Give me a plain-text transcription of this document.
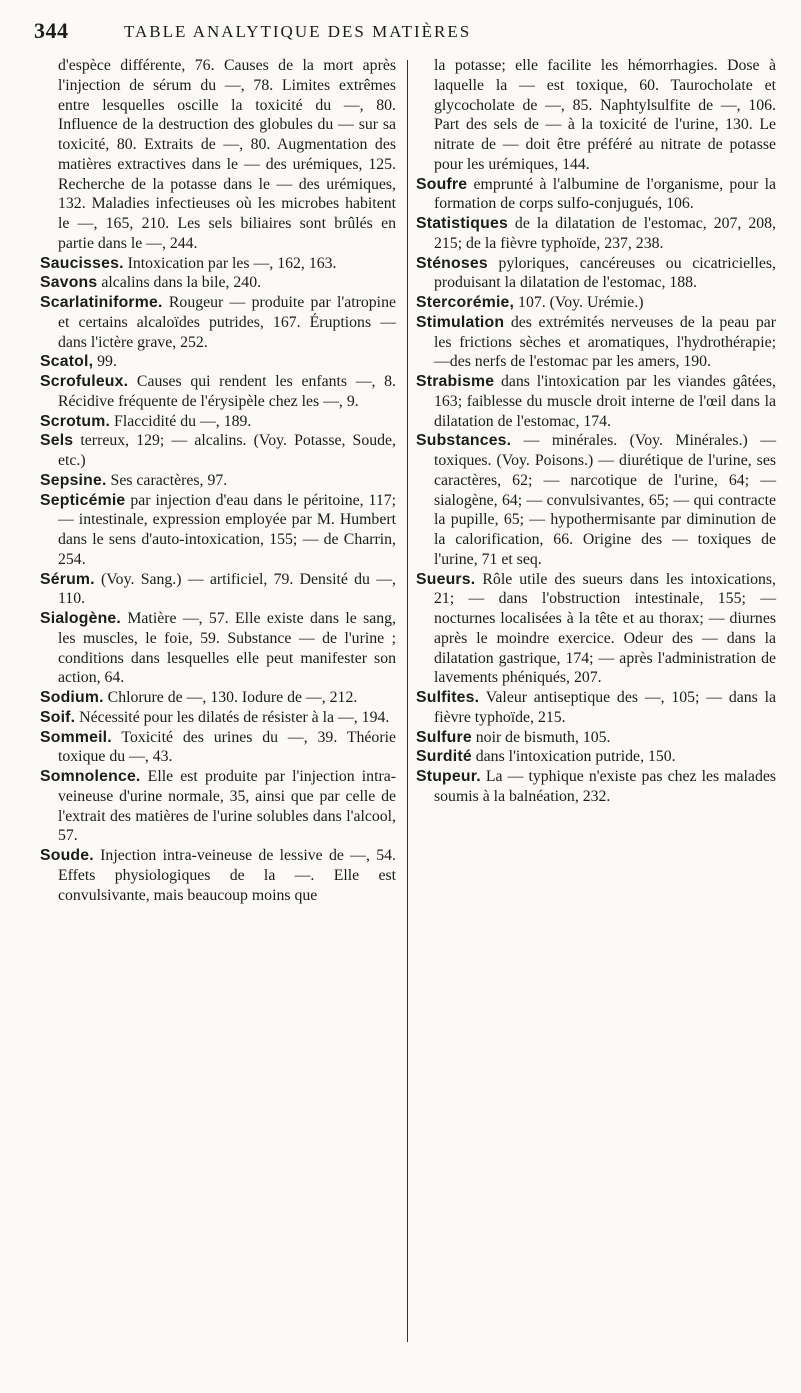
344	TABLE ANALYTIQUE DES MATIÈRES
d'espèce différente, 76. Causes de la mort après l'injection de sérum du —, 78. Limites extrêmes entre lesquelles oscille la toxicité du —, 80. Influence de la destruction des globules du — sur sa toxicité, 80. Extraits de —, 80. Augmentation des matières extractives dans le — des urémiques, 125. Recherche de la potasse dans le — des urémiques, 132. Maladies infectieuses où les microbes habitent le —, 165, 210. Les sels biliaires sont brûlés en partie dans le —, 244.
Saucisses. Intoxication par les —, 162, 163.
Savons alcalins dans la bile, 240.
Scarlatiniforme. Rougeur — produite par l'atropine et certains alcaloïdes putrides, 167. Éruptions — dans l'ictère grave, 252.
Scatol, 99.
Scrofuleux. Causes qui rendent les enfants —, 8. Récidive fréquente de l'érysipèle chez les —, 9.
Scrotum. Flaccidité du —, 189.
Sels terreux, 129; — alcalins. (Voy. Potasse, Soude, etc.)
Sepsine. Ses caractères, 97.
Septicémie par injection d'eau dans le péritoine, 117; — intestinale, expression employée par M. Humbert dans le sens d'auto-intoxication, 155; — de Charrin, 254.
Sérum. (Voy. Sang.) — artificiel, 79. Densité du —, 110.
Sialogène. Matière —, 57. Elle existe dans le sang, les muscles, le foie, 59. Substance — de l'urine ; conditions dans lesquelles elle peut manifester son action, 64.
Sodium. Chlorure de —, 130. Iodure de —, 212.
Soif. Nécessité pour les dilatés de résister à la —, 194.
Sommeil. Toxicité des urines du —, 39. Théorie toxique du —, 43.
Somnolence. Elle est produite par l'injection intra-veineuse d'urine normale, 35, ainsi que par celle de l'extrait des matières de l'urine solubles dans l'alcool, 57.
Soude. Injection intra-veineuse de lessive de —, 54. Effets physiologiques de la —. Elle est convulsivante, mais beaucoup moins que
la potasse; elle facilite les hémorrhagies. Dose à laquelle la — est toxique, 60. Taurocholate et glycocholate de —, 85. Naphtylsulfite de —, 106. Part des sels de — à la toxicité de l'urine, 130. Le nitrate de — doit être préféré au nitrate de potasse pour les urémiques, 144.
Soufre emprunté à l'albumine de l'organisme, pour la formation de corps sulfo-conjugués, 106.
Statistiques de la dilatation de l'estomac, 207, 208, 215; de la fièvre typhoïde, 237, 238.
Sténoses pyloriques, cancéreuses ou cicatricielles, produisant la dilatation de l'estomac, 188.
Stercorémie, 107. (Voy. Urémie.)
Stimulation des extrémités nerveuses de la peau par les frictions sèches et aromatiques, l'hydrothérapie; —des nerfs de l'estomac par les amers, 190.
Strabisme dans l'intoxication par les viandes gâtées, 163; faiblesse du muscle droit interne de l'œil dans la dilatation de l'estomac, 174.
Substances. — minérales. (Voy. Minérales.) — toxiques. (Voy. Poisons.) — diurétique de l'urine, ses caractères, 62; — narcotique de l'urine, 64; — sialogène, 64; — convulsivantes, 65; — qui contracte la pupille, 65; — hypothermisante par diminution de la calorification, 66. Origine des — toxiques de l'urine, 71 et seq.
Sueurs. Rôle utile des sueurs dans les intoxications, 21; — dans l'obstruction intestinale, 155; — nocturnes localisées à la tête et au thorax; — diurnes après le moindre exercice. Odeur des — dans la dilatation gastrique, 174; — après l'administration de lavements phéniqués, 207.
Sulfites. Valeur antiseptique des —, 105; — dans la fièvre typhoïde, 215.
Sulfure noir de bismuth, 105.
Surdité dans l'intoxication putride, 150.
Stupeur. La — typhique n'existe pas chez les malades soumis à la balnéation, 232.
